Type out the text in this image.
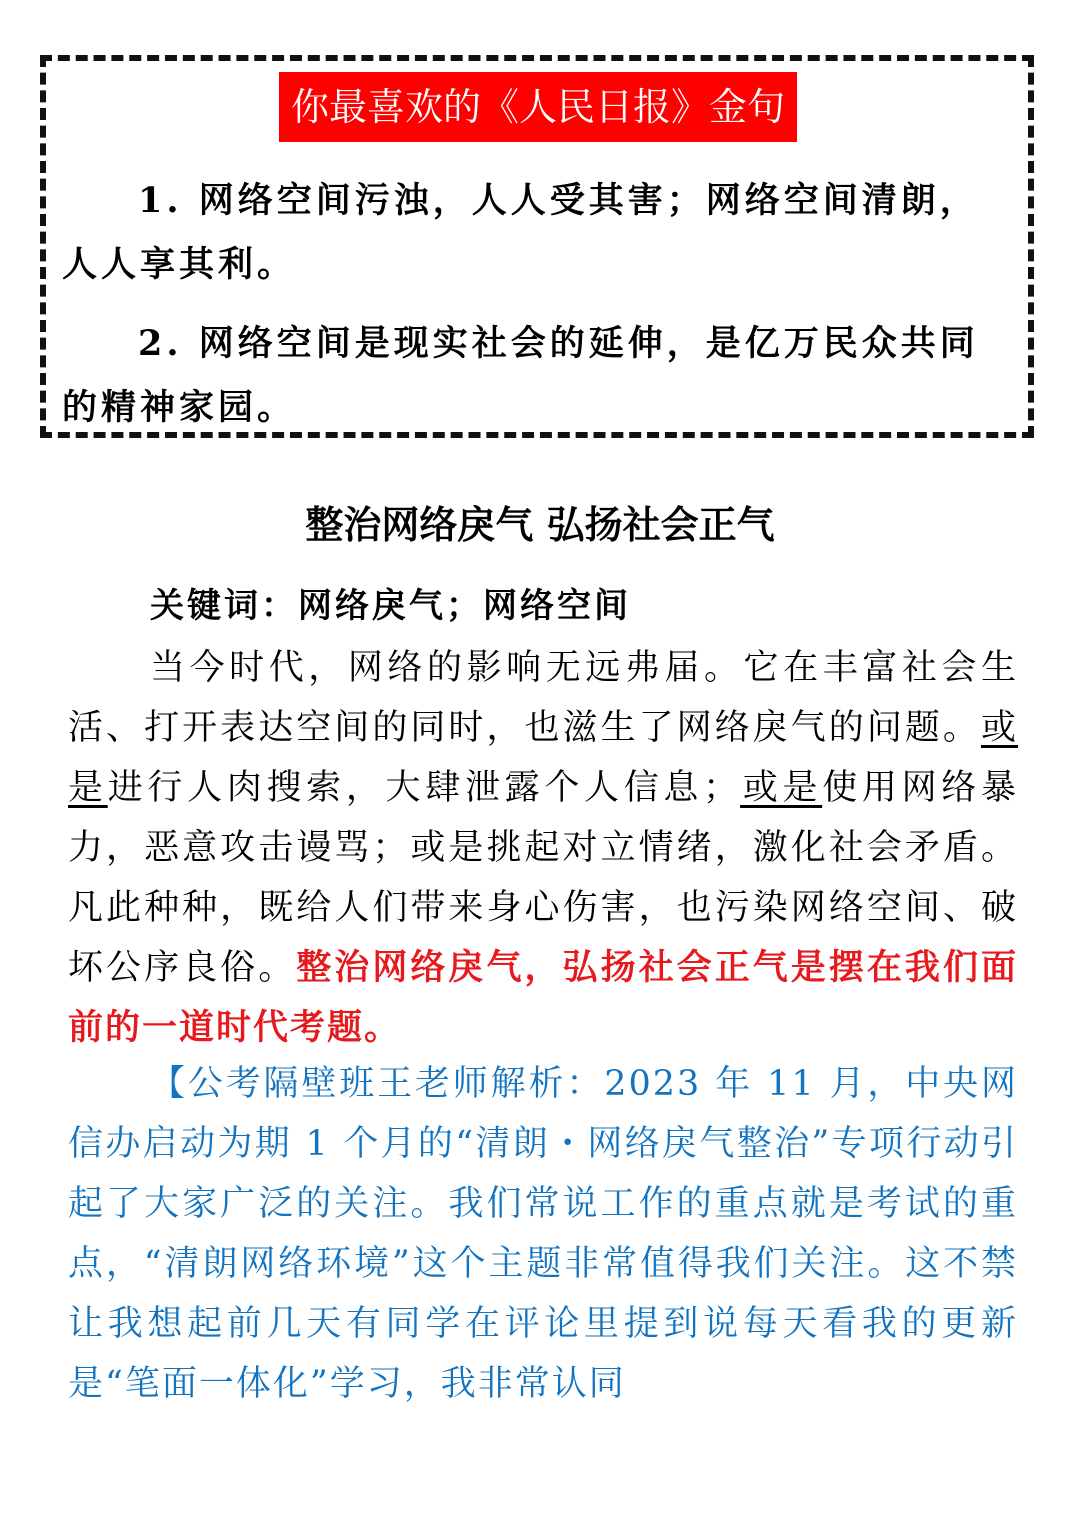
你最喜欢的《人民日报》金句
1. 网络空间污浊，人人受其害；网络空间清朗，人人享其利。
2. 网络空间是现实社会的延伸，是亿万民众共同的精神家园。
整治网络戾气 弘扬社会正气
关键词：网络戾气；网络空间
当今时代，网络的影响无远弗届。它在丰富社会生活、打开表达空间的同时，也滋生了网络戾气的问题。或是进行人肉搜索，大肆泄露个人信息；或是使用网络暴力，恶意攻击谩骂；或是挑起对立情绪，激化社会矛盾。凡此种种，既给人们带来身心伤害，也污染网络空间、破坏公序良俗。整治网络戾气，弘扬社会正气是摆在我们面前的一道时代考题。
【公考隔壁班王老师解析：2023 年 11 月，中央网信办启动为期 1 个月的“清朗・网络戾气整治”专项行动引起了大家广泛的关注。我们常说工作的重点就是考试的重点，“清朗网络环境”这个主题非常值得我们关注。这不禁让我想起前几天有同学在评论里提到说每天看我的更新是“笔面一体化”学习，我非常认同
